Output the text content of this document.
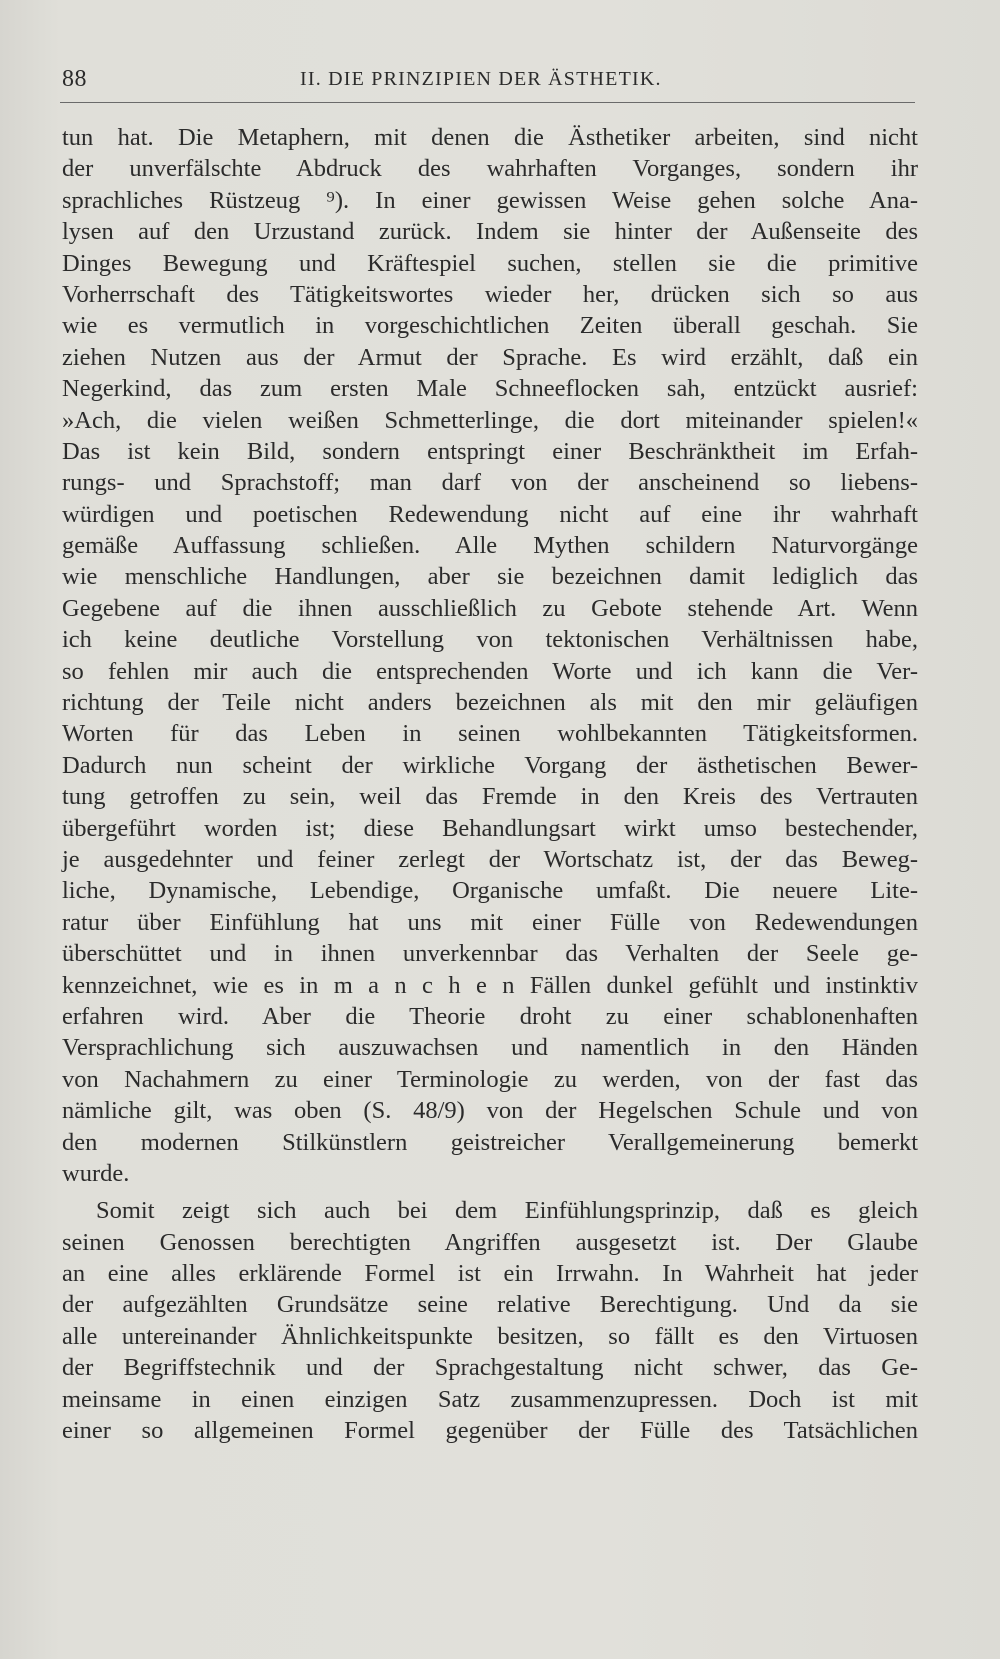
88	II. DIE PRINZIPIEN DER ÄSTHETIK.
tun hat. Die Metaphern, mit denen die Ästhetiker arbeiten, sind nicht
der unverfälschte Abdruck des wahrhaften Vorganges, sondern ihr
sprachliches Rüstzeug ⁹). In einer gewissen Weise gehen solche Ana-
lysen auf den Urzustand zurück. Indem sie hinter der Außenseite des
Dinges Bewegung und Kräftespiel suchen, stellen sie die primitive
Vorherrschaft des Tätigkeitswortes wieder her, drücken sich so aus
wie es vermutlich in vorgeschichtlichen Zeiten überall geschah. Sie
ziehen Nutzen aus der Armut der Sprache. Es wird erzählt, daß ein
Negerkind, das zum ersten Male Schneeflocken sah, entzückt ausrief:
»Ach, die vielen weißen Schmetterlinge, die dort miteinander spielen!«
Das ist kein Bild, sondern entspringt einer Beschränktheit im Erfah-
rungs- und Sprachstoff; man darf von der anscheinend so liebens-
würdigen und poetischen Redewendung nicht auf eine ihr wahrhaft
gemäße Auffassung schließen. Alle Mythen schildern Naturvorgänge
wie menschliche Handlungen, aber sie bezeichnen damit lediglich das
Gegebene auf die ihnen ausschließlich zu Gebote stehende Art. Wenn
ich keine deutliche Vorstellung von tektonischen Verhältnissen habe,
so fehlen mir auch die entsprechenden Worte und ich kann die Ver-
richtung der Teile nicht anders bezeichnen als mit den mir geläufigen
Worten für das Leben in seinen wohlbekannten Tätigkeitsformen.
Dadurch nun scheint der wirkliche Vorgang der ästhetischen Bewer-
tung getroffen zu sein, weil das Fremde in den Kreis des Vertrauten
übergeführt worden ist; diese Behandlungsart wirkt umso bestechender,
je ausgedehnter und feiner zerlegt der Wortschatz ist, der das Beweg-
liche, Dynamische, Lebendige, Organische umfaßt. Die neuere Lite-
ratur über Einfühlung hat uns mit einer Fülle von Redewendungen
überschüttet und in ihnen unverkennbar das Verhalten der Seele ge-
kennzeichnet, wie es in m a n c h e n Fällen dunkel gefühlt und instinktiv
erfahren wird. Aber die Theorie droht zu einer schablonenhaften
Versprachlichung sich auszuwachsen und namentlich in den Händen
von Nachahmern zu einer Terminologie zu werden, von der fast das
nämliche gilt, was oben (S. 48/9) von der Hegelschen Schule und von
den modernen Stilkünstlern geistreicher Verallgemeinerung bemerkt
wurde.
Somit zeigt sich auch bei dem Einfühlungsprinzip, daß es gleich
seinen Genossen berechtigten Angriffen ausgesetzt ist. Der Glaube
an eine alles erklärende Formel ist ein Irrwahn. In Wahrheit hat jeder
der aufgezählten Grundsätze seine relative Berechtigung. Und da sie
alle untereinander Ähnlichkeitspunkte besitzen, so fällt es den Virtuosen
der Begriffstechnik und der Sprachgestaltung nicht schwer, das Ge-
meinsame in einen einzigen Satz zusammenzupressen. Doch ist mit
einer so allgemeinen Formel gegenüber der Fülle des Tatsächlichen
